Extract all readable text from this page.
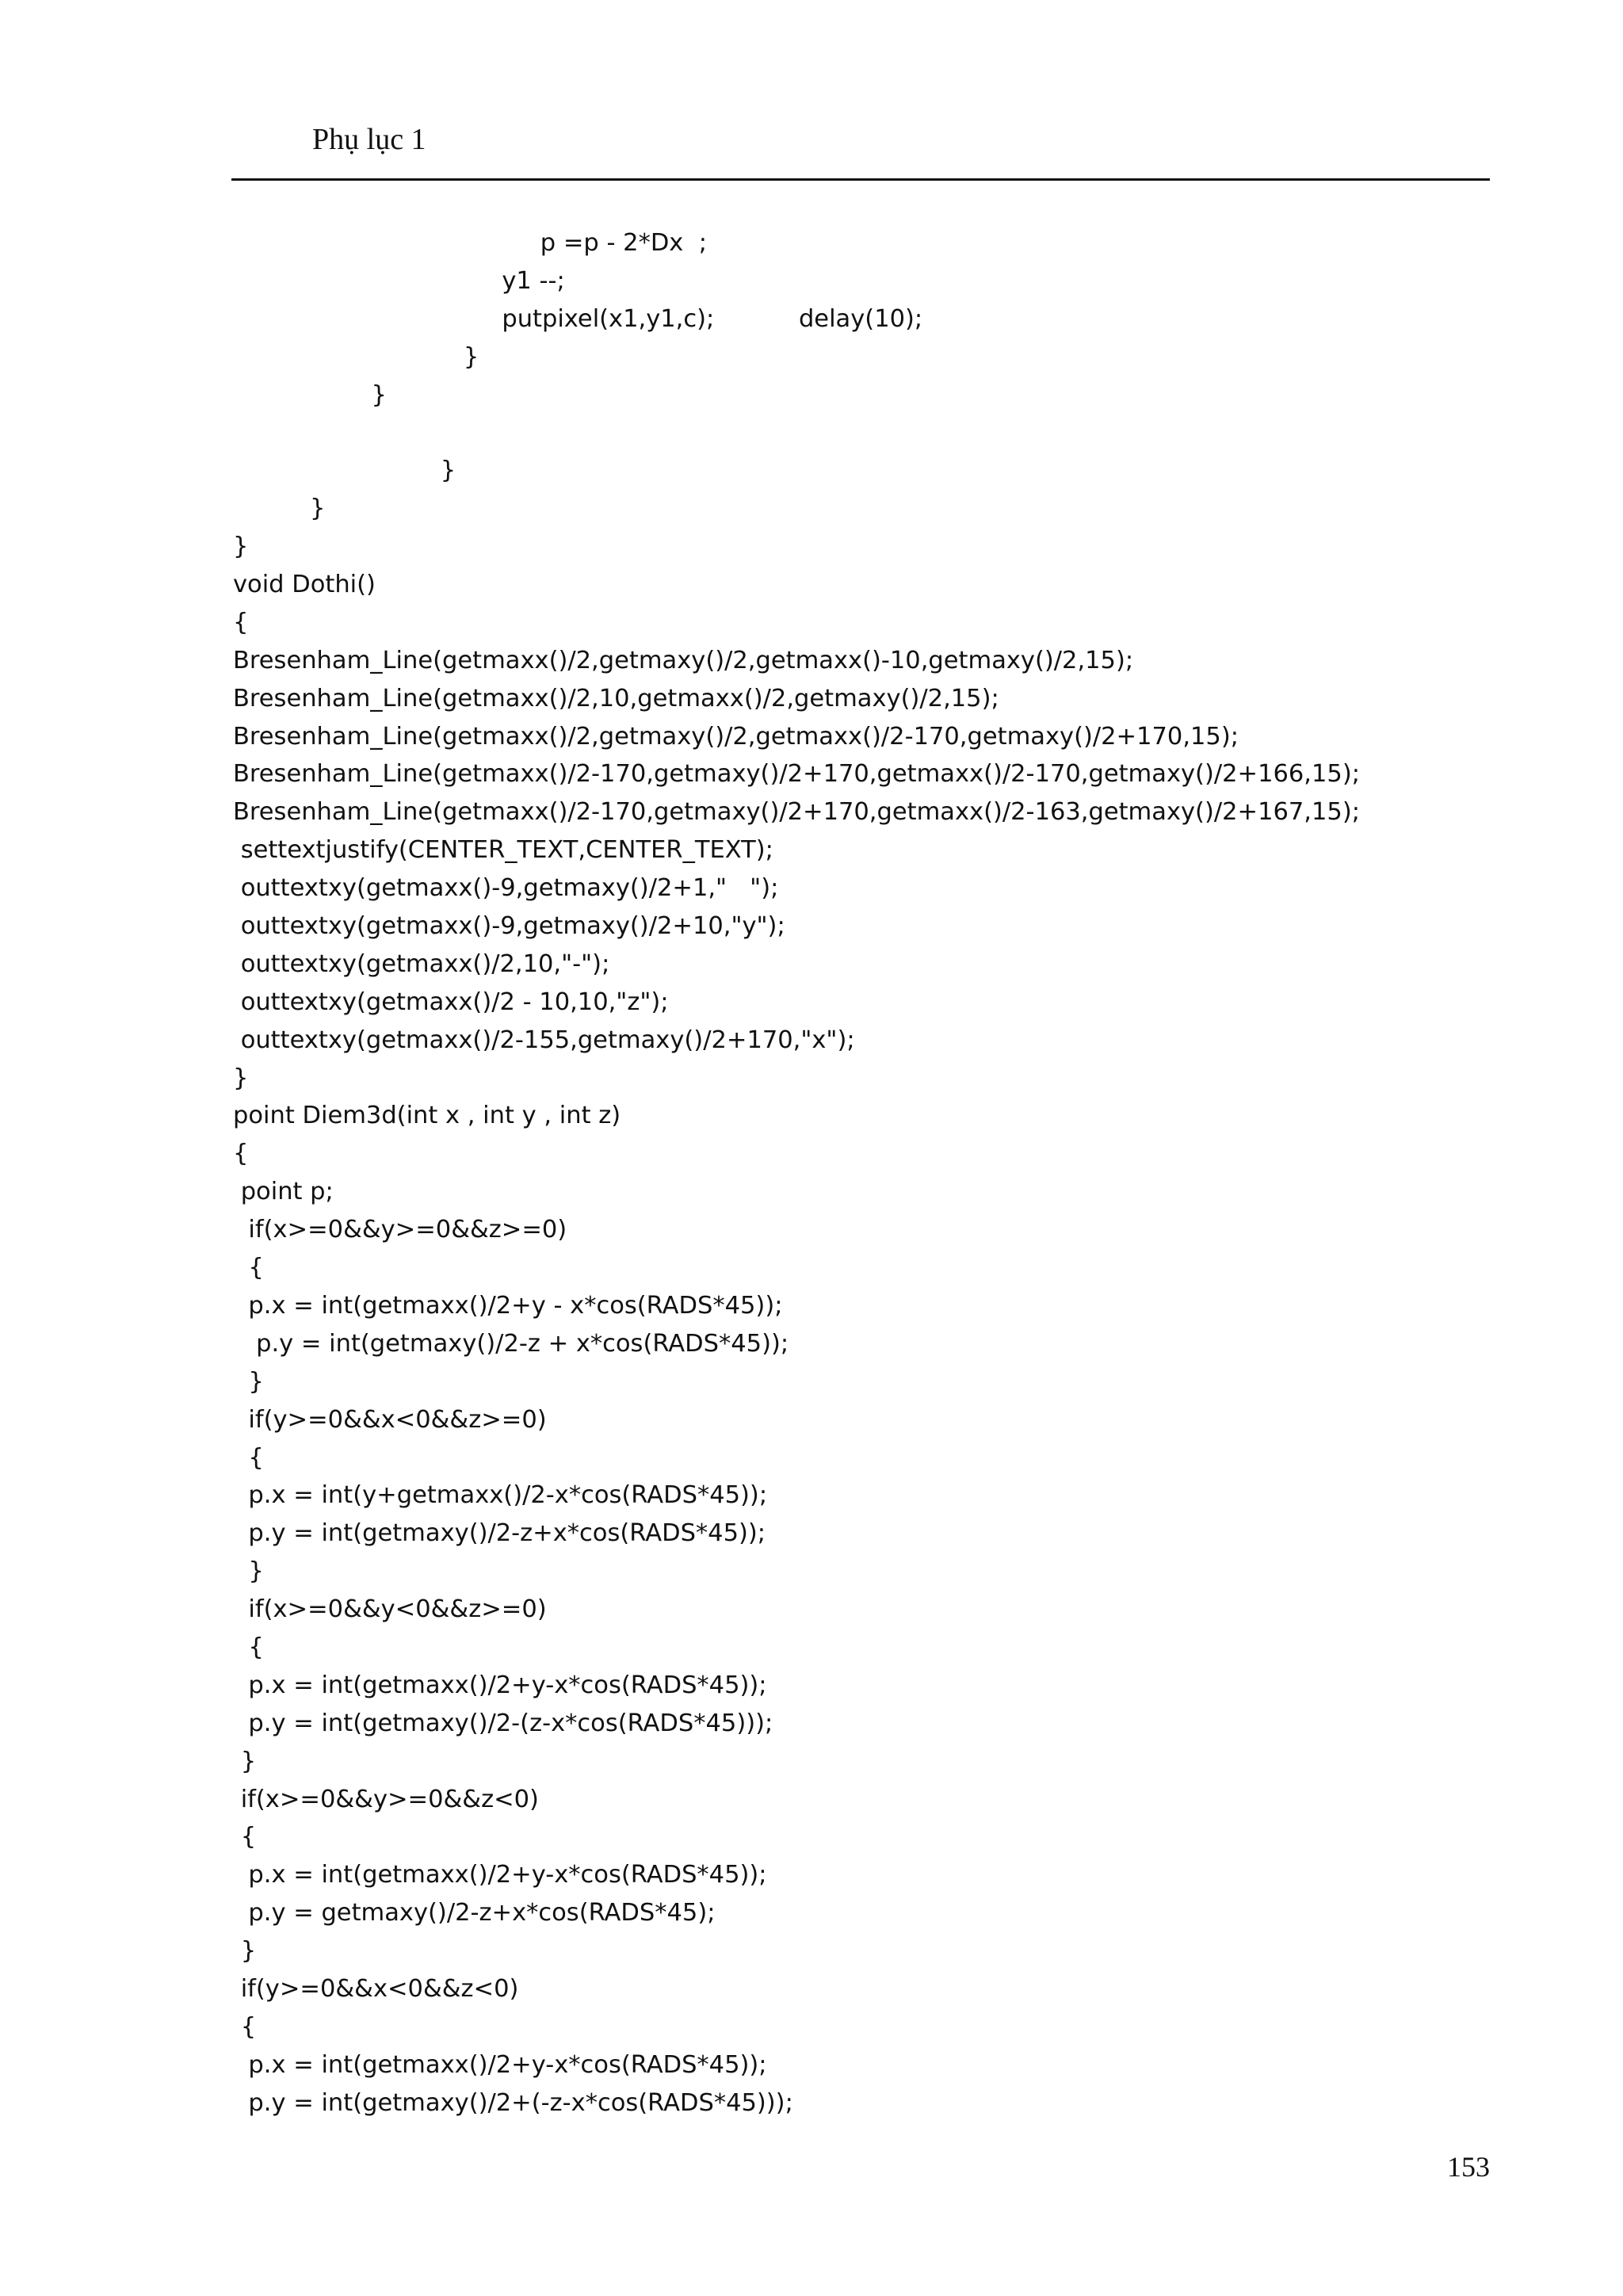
Phụ lục 1
p =p - 2*Dx  ;
y1 --;
putpixel(x1,y1,c);           delay(10);
}
}
}
}
}
void Dothi()
{
Bresenham_Line(getmaxx()/2,getmaxy()/2,getmaxx()-10,getmaxy()/2,15);
Bresenham_Line(getmaxx()/2,10,getmaxx()/2,getmaxy()/2,15);
Bresenham_Line(getmaxx()/2,getmaxy()/2,getmaxx()/2-170,getmaxy()/2+170,15);
Bresenham_Line(getmaxx()/2-170,getmaxy()/2+170,getmaxx()/2-170,getmaxy()/2+166,15);
Bresenham_Line(getmaxx()/2-170,getmaxy()/2+170,getmaxx()/2-163,getmaxy()/2+167,15);
settextjustify(CENTER_TEXT,CENTER_TEXT);
outtextxy(getmaxx()-9,getmaxy()/2+1,"   ");
outtextxy(getmaxx()-9,getmaxy()/2+10,"y");
outtextxy(getmaxx()/2,10,"-");
outtextxy(getmaxx()/2 - 10,10,"z");
outtextxy(getmaxx()/2-155,getmaxy()/2+170,"x");
}
point Diem3d(int x , int y , int z)
{
point p;
if(x>=0&&y>=0&&z>=0)
{
p.x = int(getmaxx()/2+y - x*cos(RADS*45));
p.y = int(getmaxy()/2-z + x*cos(RADS*45));
}
if(y>=0&&x<0&&z>=0)
{
p.x = int(y+getmaxx()/2-x*cos(RADS*45));
p.y = int(getmaxy()/2-z+x*cos(RADS*45));
}
if(x>=0&&y<0&&z>=0)
{
p.x = int(getmaxx()/2+y-x*cos(RADS*45));
p.y = int(getmaxy()/2-(z-x*cos(RADS*45)));
}
if(x>=0&&y>=0&&z<0)
{
p.x = int(getmaxx()/2+y-x*cos(RADS*45));
p.y = getmaxy()/2-z+x*cos(RADS*45);
}
if(y>=0&&x<0&&z<0)
{
p.x = int(getmaxx()/2+y-x*cos(RADS*45));
p.y = int(getmaxy()/2+(-z-x*cos(RADS*45)));
153
